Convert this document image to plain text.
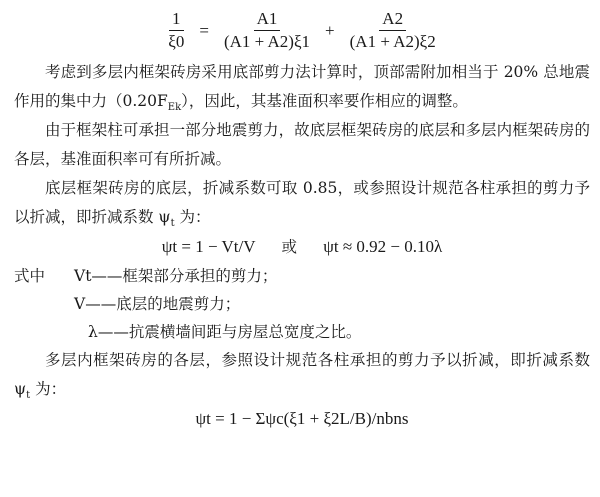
$\frac{1}{\xi 0} = \frac{A1}{(A1 + A2)\xi 1} + \frac{A2}{(A1 + A2)\xi 2}$

考虑到多层内框架砖房采用底部剪力法计算时，顶部需附加相当于 20% 总地震作用的集中力$(0.20F_{Ek})$，因此，其基准面积率要作相应的调整。

由于框架柱可承担一部分地震剪力，故底层框架砖房的底层和多层内框架砖房的各层，基准面积率可有所折减。

底层框架砖房的底层，折减系数可取 0.85，或参照设计规范各柱承担的剪力予以折减，即折减系数 $\psi_t$ 为：

ψt = 1 − Vt/V 或 ψt ≈ 0.92 − 0.10λ
式中 Vt——框架部分承担的剪力；
V——底层的地震剪力；
λ——抗震横墙间距与房屋总宽度之比。

多层内框架砖房的各层，参照设计规范各柱承担的剪力予以折减，即折减系数 $\psi_t$ 为：

ψt = 1 − Σψc(ξ1 + ξ2L/B)/nbns
